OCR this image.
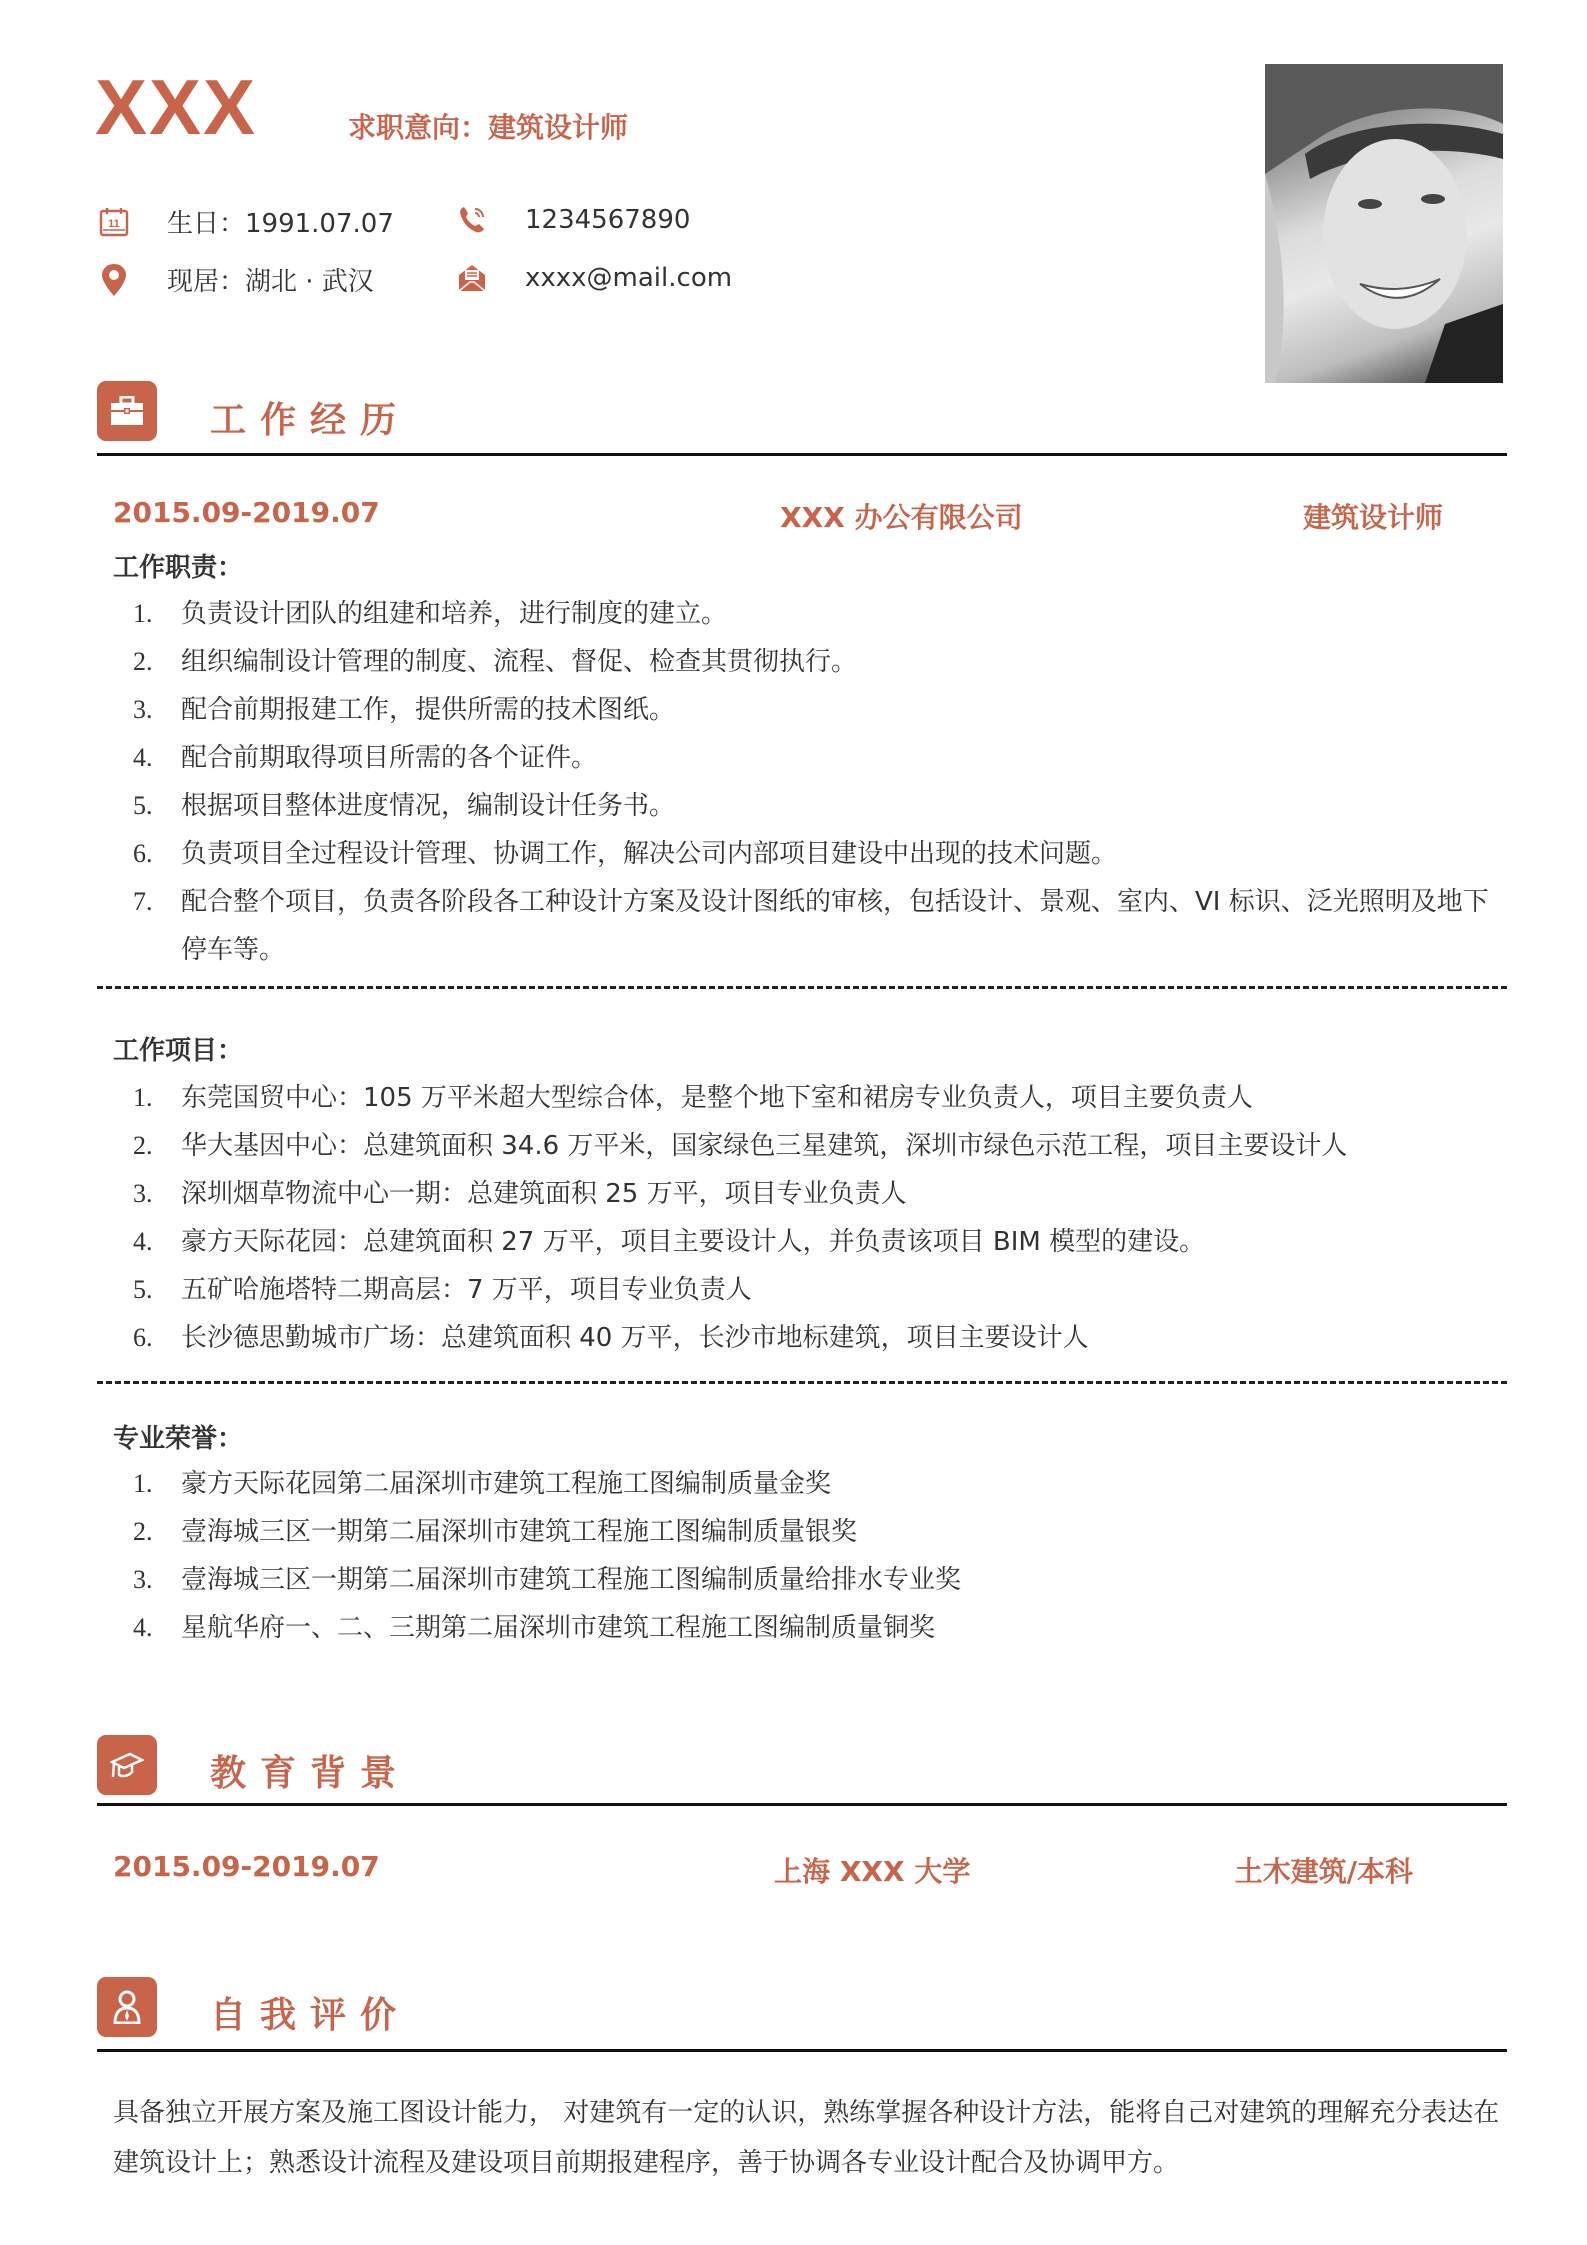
XXX	求职意向：建筑设计师
11 生日：1991.07.07	1234567890
现居：湖北 · 武汉	xxxx@mail.com
工作经历
2015.09-2019.07	XXX 办公有限公司	建筑设计师
工作职责：
1.	负责设计团队的组建和培养，进行制度的建立。
2.	组织编制设计管理的制度、流程、督促、检查其贯彻执行。
3.	配合前期报建工作，提供所需的技术图纸。
4.	配合前期取得项目所需的各个证件。
5.	根据项目整体进度情况，编制设计任务书。
6.	负责项目全过程设计管理、协调工作，解决公司内部项目建设中出现的技术问题。
7.	配合整个项目，负责各阶段各工种设计方案及设计图纸的审核，包括设计、景观、室内、VI 标识、泛光照明及地下停车等。
工作项目：
1.	东莞国贸中心：105 万平米超大型综合体，是整个地下室和裙房专业负责人，项目主要负责人
2.	华大基因中心：总建筑面积 34.6 万平米，国家绿色三星建筑，深圳市绿色示范工程，项目主要设计人
3.	深圳烟草物流中心一期：总建筑面积 25 万平，项目专业负责人
4.	豪方天际花园：总建筑面积 27 万平，项目主要设计人，并负责该项目 BIM 模型的建设。
5.	五矿哈施塔特二期高层：7 万平，项目专业负责人
6.	长沙德思勤城市广场：总建筑面积 40 万平，长沙市地标建筑，项目主要设计人
专业荣誉：
1.	豪方天际花园第二届深圳市建筑工程施工图编制质量金奖
2.	壹海城三区一期第二届深圳市建筑工程施工图编制质量银奖
3.	壹海城三区一期第二届深圳市建筑工程施工图编制质量给排水专业奖
4.	星航华府一、二、三期第二届深圳市建筑工程施工图编制质量铜奖
教育背景
2015.09-2019.07	上海 XXX 大学	土木建筑/本科
自我评价
具备独立开展方案及施工图设计能力， 对建筑有一定的认识，熟练掌握各种设计方法，能将自己对建筑的理解充分表达在建筑设计上；熟悉设计流程及建设项目前期报建程序，善于协调各专业设计配合及协调甲方。
